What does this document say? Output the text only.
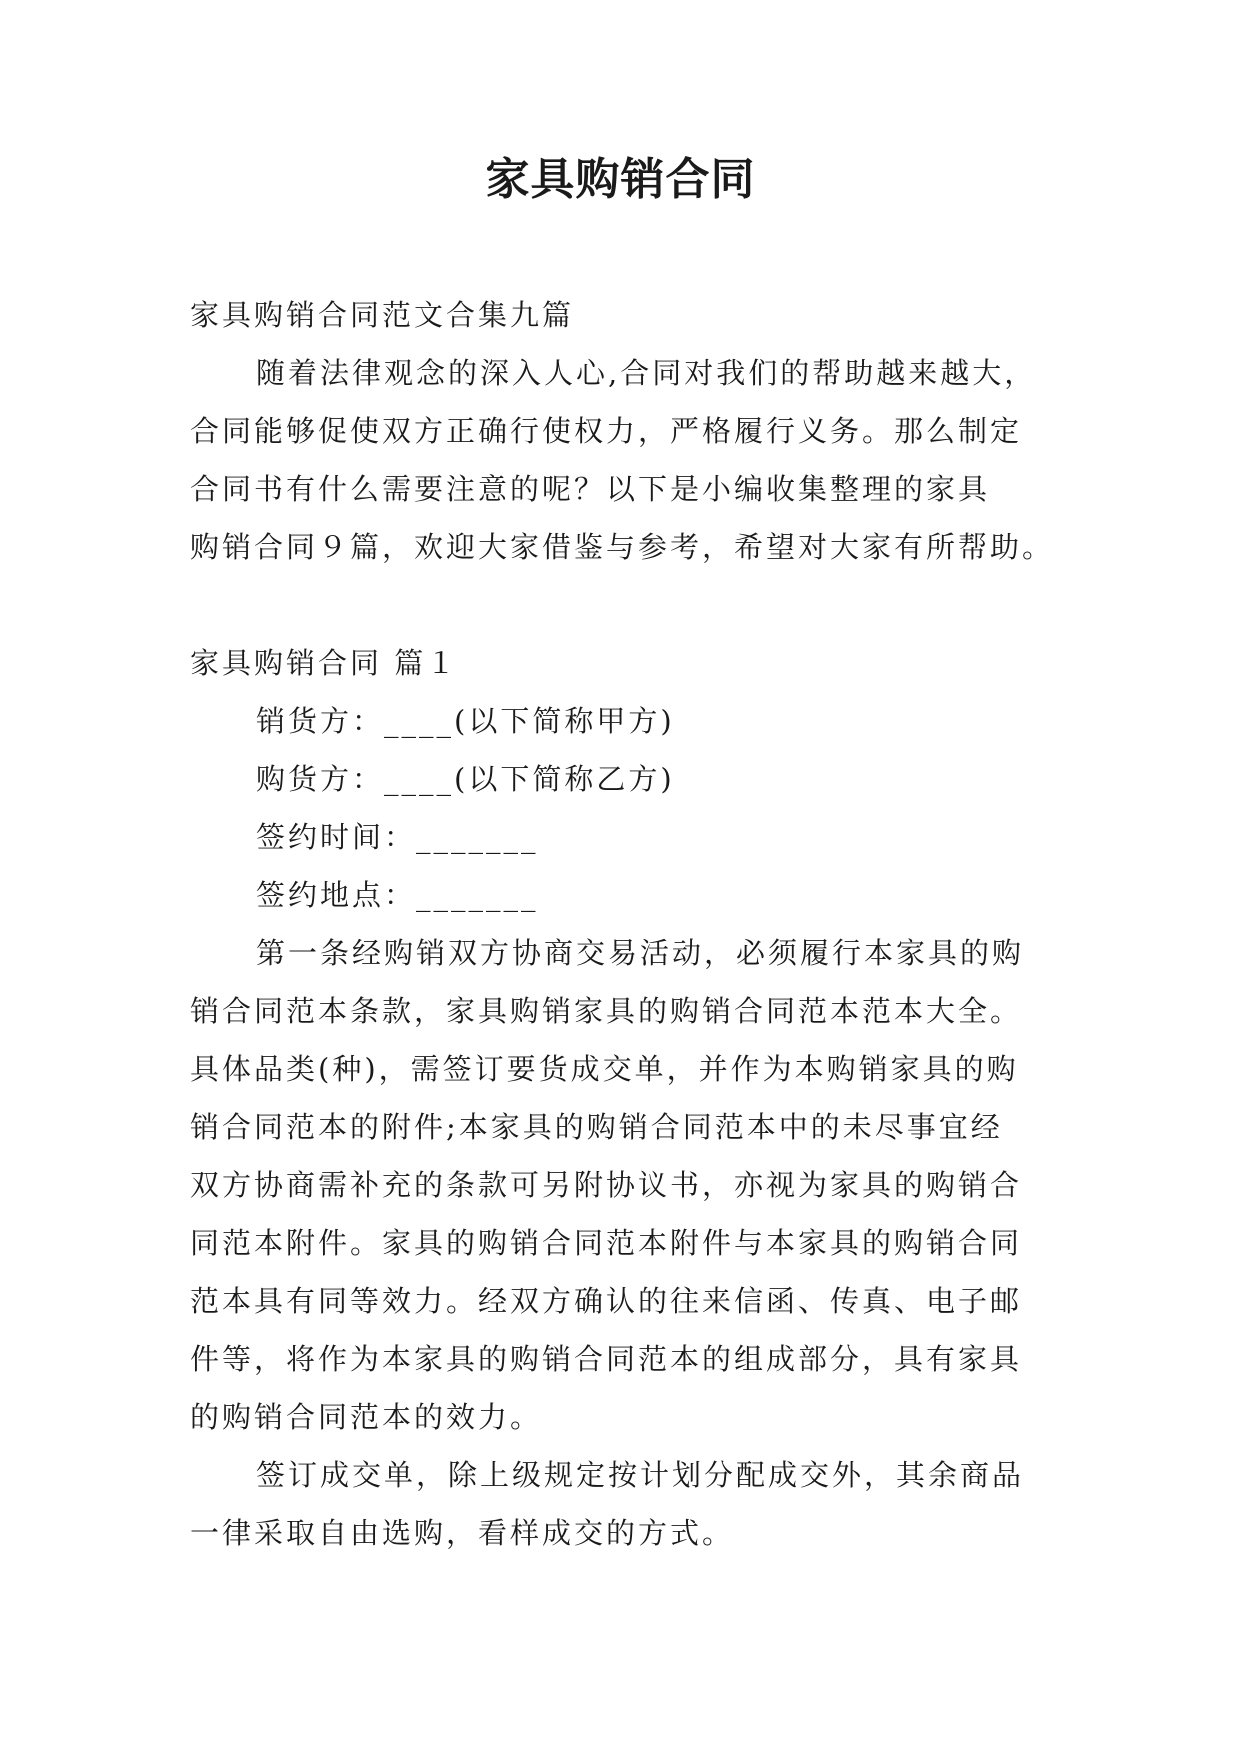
家具购销合同
家具购销合同范文合集九篇
随着法律观念的深入人心,合同对我们的帮助越来越大，
合同能够促使双方正确行使权力，严格履行义务。那么制定
合同书有什么需要注意的呢？以下是小编收集整理的家具
购销合同９篇，欢迎大家借鉴与参考，希望对大家有所帮助。
家具购销合同 篇１
销货方：____(以下简称甲方)
购货方：____(以下简称乙方)
签约时间：_______
签约地点：_______
第一条经购销双方协商交易活动，必须履行本家具的购
销合同范本条款，家具购销家具的购销合同范本范本大全。
具体品类(种)，需签订要货成交单，并作为本购销家具的购
销合同范本的附件;本家具的购销合同范本中的未尽事宜经
双方协商需补充的条款可另附协议书，亦视为家具的购销合
同范本附件。家具的购销合同范本附件与本家具的购销合同
范本具有同等效力。经双方确认的往来信函、传真、电子邮
件等，将作为本家具的购销合同范本的组成部分，具有家具
的购销合同范本的效力。
签订成交单，除上级规定按计划分配成交外，其余商品
一律采取自由选购，看样成交的方式。
